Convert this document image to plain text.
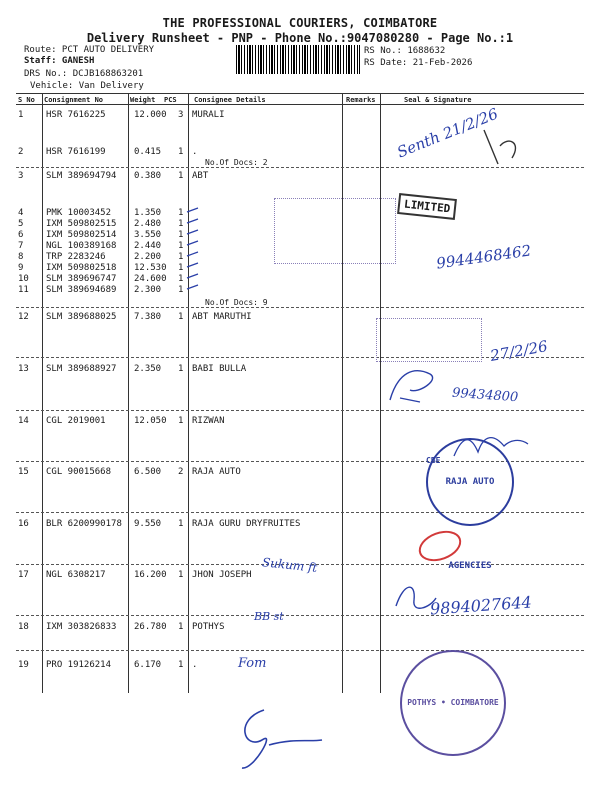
THE PROFESSIONAL COURIERS, COIMBATORE
Delivery Runsheet - PNP - Phone No.:9047080280 - Page No.:1
Route: PCT AUTO DELIVERY
Staff: GANESH
DRS No.: DCJB168863201
Vehicle: Van Delivery
RS No.: 1688632
RS Date: 21-Feb-2026
S No Consignment No	Weight PCS Consignee Details	Remarks	Seal & Signature
1	HSR 7616225	12.000 3 MURALI
2	HSR 7616199	0.415 1 .
No.Of Docs: 2
3	SLM 389694794 0.380 1 ABT
4	PMK 10003452	1.350 1
5	IXM 509802515 2.480 1
6	IXM 509802514 3.550 1
7	NGL 100389168 2.440 1
8	TRP 2283246	2.200 1
9	IXM 509802518 12.530 1
10 SLM 389696747 24.600 1
11 SLM 389694689 2.300 1
No.Of Docs: 9
12 SLM 389688025 7.380 1 ABT MARUTHI
13 SLM 389688927 2.350 1 BABI BULLA
14 CGL 2019001	12.050 1 RIZWAN
15 CGL 90015668	6.500 2 RAJA AUTO
16 BLR 6200990178 9.550 1 RAJA GURU DRYFRUITES
17 NGL 6308217	16.200 1 JHON JOSEPH
18 IXM 303826833 26.780 1 POTHYS
19 PRO 19126214	6.170 1 .
Senth 21/2/26
9944468462
27/2/26
99434800
Sukum ft
9894027644
BB st
Fom
LIMITED
RAJA AUTO AGENCIES
CBE
POTHYS • COIMBATORE
